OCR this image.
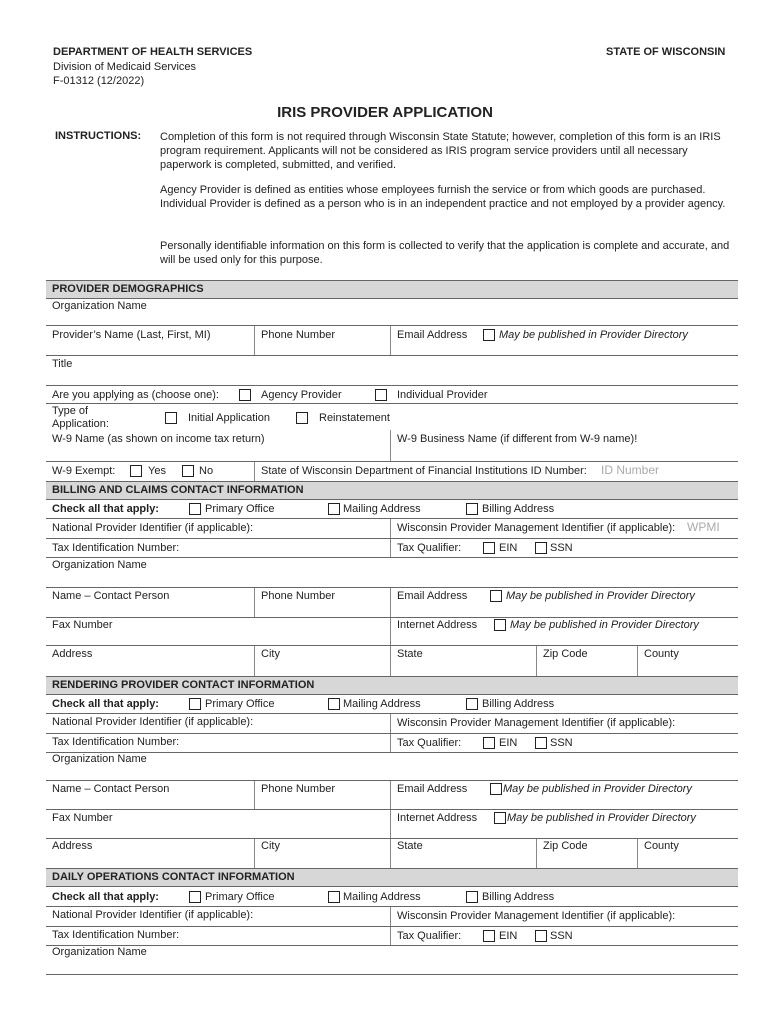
DEPARTMENT OF HEALTH SERVICES
Division of Medicaid Services
F-01312 (12/2022)
STATE OF WISCONSIN
IRIS PROVIDER APPLICATION
INSTRUCTIONS: Completion of this form is not required through Wisconsin State Statute; however, completion of this form is an IRIS program requirement. Applicants will not be considered as IRIS program service providers until all necessary paperwork is completed, submitted, and verified.
Agency Provider is defined as entities whose employees furnish the service or from which goods are purchased. Individual Provider is defined as a person who is in an independent practice and not employed by a provider agency.
Personally identifiable information on this form is collected to verify that the application is complete and accurate, and will be used only for this purpose.
PROVIDER DEMOGRAPHICS
Organization Name
Provider’s Name (Last, First, MI)	Phone Number	Email Address	May be published in Provider Directory
Title
Are you applying as (choose one):	Agency Provider	Individual Provider
Type of
Application:	Initial Application	Reinstatement
W-9 Name (as shown on income tax return)	W-9 Business Name (if different from W-9 name)!
W-9 Exempt:	Yes	No	State of Wisconsin Department of Financial Institutions ID Number: ID Number
BILLING AND CLAIMS CONTACT INFORMATION
Check all that apply:	Primary Office	Mailing Address	Billing Address
National Provider Identifier (if applicable):	Wisconsin Provider Management Identifier (if applicable): WPMI
Tax Identification Number:	Tax Qualifier:	EIN	SSN
Organization Name
Name – Contact Person	Phone Number	Email Address	May be published in Provider Directory
Fax Number	Internet Address	May be published in Provider Directory
Address	City	State	Zip Code	County
RENDERING PROVIDER CONTACT INFORMATION
Check all that apply:	Primary Office	Mailing Address	Billing Address
National Provider Identifier (if applicable):	Wisconsin Provider Management Identifier (if applicable):
Tax Identification Number:	Tax Qualifier:	EIN	SSN
Organization Name
Name – Contact Person	Phone Number	Email Address	May be published in Provider Directory
Fax Number	Internet Address	May be published in Provider Directory
Address	City	State	Zip Code	County
DAILY OPERATIONS CONTACT INFORMATION
Check all that apply:	Primary Office	Mailing Address	Billing Address
National Provider Identifier (if applicable):	Wisconsin Provider Management Identifier (if applicable):
Tax Identification Number:	Tax Qualifier:	EIN	SSN
Organization Name
